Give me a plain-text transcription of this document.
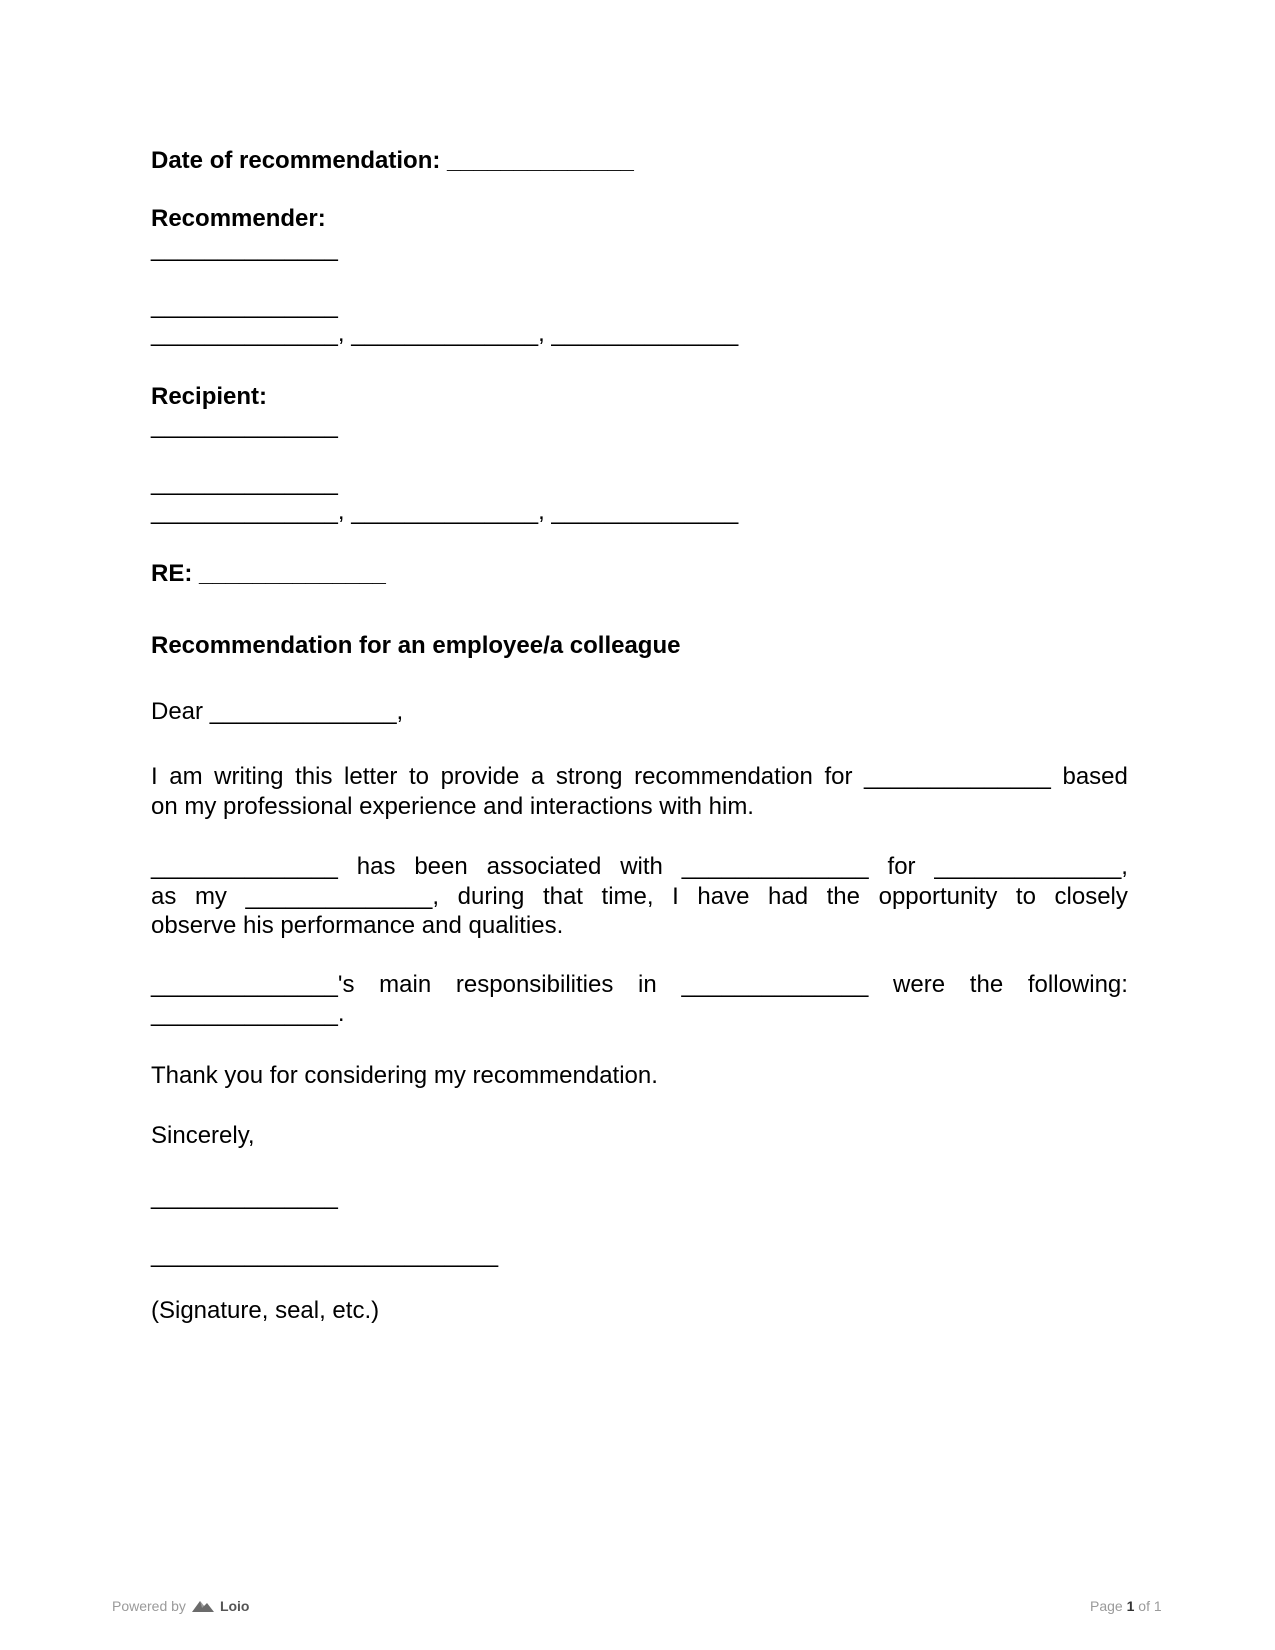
Date of recommendation: ______________
Recommender:
______________
______________
______________, ______________, ______________
Recipient:
______________
______________
______________, ______________, ______________
RE: ______________
Recommendation for an employee/a colleague
Dear ______________,
I am writing this letter to provide a strong recommendation for ______________ based
on my professional experience and interactions with him.
______________ has been associated with ______________ for ______________,
as my ______________, during that time, I have had the opportunity to closely
observe his performance and qualities.
______________'s main responsibilities in ______________ were the following:
______________.
Thank you for considering my recommendation.
Sincerely,
______________
__________________________
(Signature, seal, etc.)
Powered by Loio	Page 1 of 1
